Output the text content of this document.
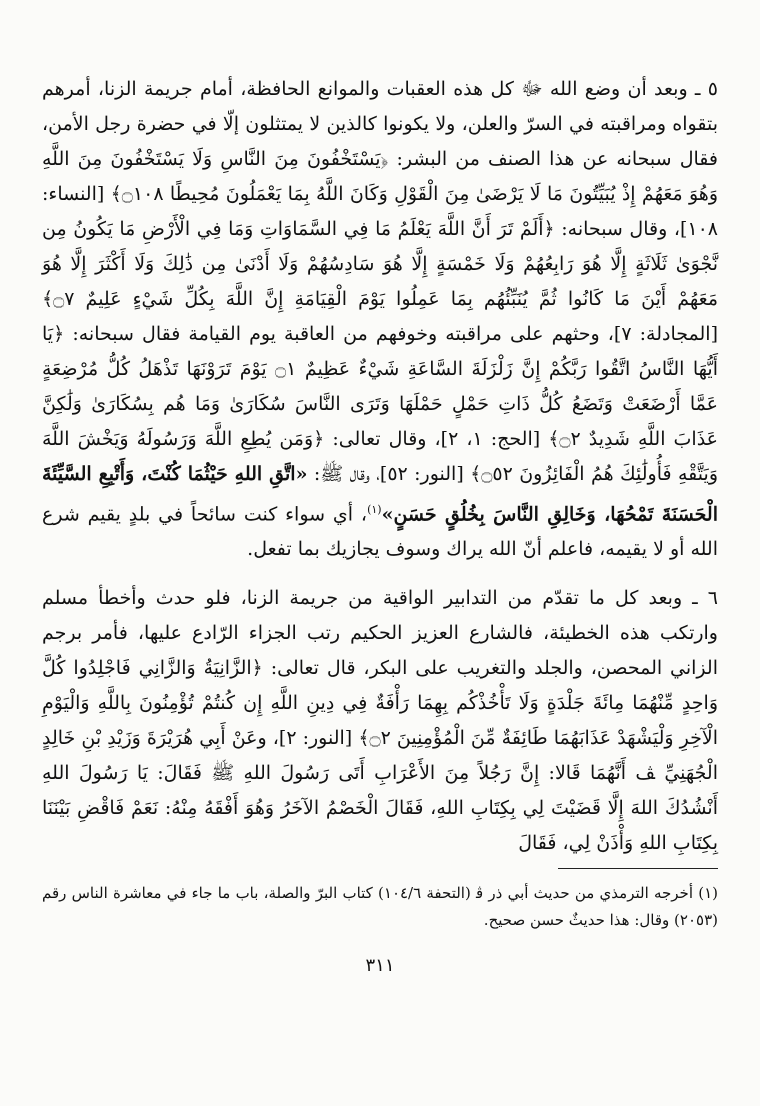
٥ ـ وبعد أن وضع الله ﷻ كل هذه العقبات والموانع الحافظة، أمام جريمة الزنا، أمرهم بتقواه ومراقبته في السرّ والعلن، ولا يكونوا كالذين لا يمتثلون إلّا في حضرة رجل الأمن، فقال سبحانه عن هذا الصنف من البشر: ﴿يَسْتَخْفُونَ مِنَ النَّاسِ وَلَا يَسْتَخْفُونَ مِنَ اللَّهِ وَهُوَ مَعَهُمْ إِذْ يُبَيِّتُونَ مَا لَا يَرْضَىٰ مِنَ الْقَوْلِ وَكَانَ اللَّهُ بِمَا يَعْمَلُونَ مُحِيطًا ۝١٠٨﴾ [النساء: ١٠٨]، وقال سبحانه: ﴿أَلَمْ تَرَ أَنَّ اللَّهَ يَعْلَمُ مَا فِي السَّمَاوَاتِ وَمَا فِي الْأَرْضِ مَا يَكُونُ مِن نَّجْوَىٰ ثَلَاثَةٍ إِلَّا هُوَ رَابِعُهُمْ وَلَا خَمْسَةٍ إِلَّا هُوَ سَادِسُهُمْ وَلَا أَدْنَىٰ مِن ذَٰلِكَ وَلَا أَكْثَرَ إِلَّا هُوَ مَعَهُمْ أَيْنَ مَا كَانُوا ثُمَّ يُنَبِّئُهُم بِمَا عَمِلُوا يَوْمَ الْقِيَامَةِ إِنَّ اللَّهَ بِكُلِّ شَيْءٍ عَلِيمٌ ۝٧﴾ [المجادلة: ٧]، وحثهم على مراقبته وخوفهم من العاقبة يوم القيامة فقال سبحانه: ﴿يَا أَيُّهَا النَّاسُ اتَّقُوا رَبَّكُمْ إِنَّ زَلْزَلَةَ السَّاعَةِ شَيْءٌ عَظِيمٌ ۝١ يَوْمَ تَرَوْنَهَا تَذْهَلُ كُلُّ مُرْضِعَةٍ عَمَّا أَرْضَعَتْ وَتَضَعُ كُلُّ ذَاتِ حَمْلٍ حَمْلَهَا وَتَرَى النَّاسَ سُكَارَىٰ وَمَا هُم بِسُكَارَىٰ وَلَٰكِنَّ عَذَابَ اللَّهِ شَدِيدٌ ۝٢﴾ [الحج: ١، ٢]، وقال تعالى: ﴿وَمَن يُطِعِ اللَّهَ وَرَسُولَهُ وَيَخْشَ اللَّهَ وَيَتَّقْهِ فَأُولَٰئِكَ هُمُ الْفَائِزُونَ ۝٥٢﴾ [النور: ٥٢]، وقال ﷺ: «اتَّقِ اللهِ حَيْثُمَا كُنْتَ، وَأَتْبِعِ السَّيِّئَةَ الْحَسَنَةَ تَمْحُهَا، وَخَالِقِ النَّاسَ بِخُلُقٍ حَسَنٍ»$^{(١)}$، أي سواء كنت سائحاً في بلدٍ يقيم شرع الله أو لا يقيمه، فاعلم أنّ الله يراك وسوف يجازيك بما تفعل.

٦ ـ وبعد كل ما تقدّم من التدابير الواقية من جريمة الزنا، فلو حدث وأخطأ مسلم وارتكب هذه الخطيئة، فالشارع العزيز الحكيم رتب الجزاء الرّادع عليها، فأمر برجم الزاني المحصن، والجلد والتغريب على البكر، قال تعالى: ﴿الزَّانِيَةُ وَالزَّانِي فَاجْلِدُوا كُلَّ وَاحِدٍ مِّنْهُمَا مِائَةَ جَلْدَةٍ وَلَا تَأْخُذْكُم بِهِمَا رَأْفَةٌ فِي دِينِ اللَّهِ إِن كُنتُمْ تُؤْمِنُونَ بِاللَّهِ وَالْيَوْمِ الْآخِرِ وَلْيَشْهَدْ عَذَابَهُمَا طَائِفَةٌ مِّنَ الْمُؤْمِنِينَ ۝٢﴾ [النور: ٢]، وعَنْ أَبِي هُرَيْرَةَ وَزَيْدِ بْنِ خَالِدٍ الْجُهَنِيِّ ﭫ أَنَّهُمَا قَالا: إِنَّ رَجُلاً مِنَ الأَعْرَابِ أَتَى رَسُولَ اللهِ ﷺ فَقَالَ: يَا رَسُولَ اللهِ أَنْشُدُكَ اللهَ إِلَّا قَضَيْتَ لِي بِكِتَابِ اللهِ، فَقَالَ الْخَصْمُ الآخَرُ وَهُوَ أَفْقَهُ مِنْهُ: نَعَمْ فَاقْضِ بَيْنَنَا بِكِتَابِ اللهِ وَأْذَنْ لِي، فَقَالَ

(١) أخرجه الترمذي من حديث أبي ذر ﭬ (التحفة ١٠٤/٦) كتاب البرّ والصلة، باب ما جاء في معاشرة الناس رقم (٢٠٥٣) وقال: هذا حديثٌ حسن صحيح.
٣١١
